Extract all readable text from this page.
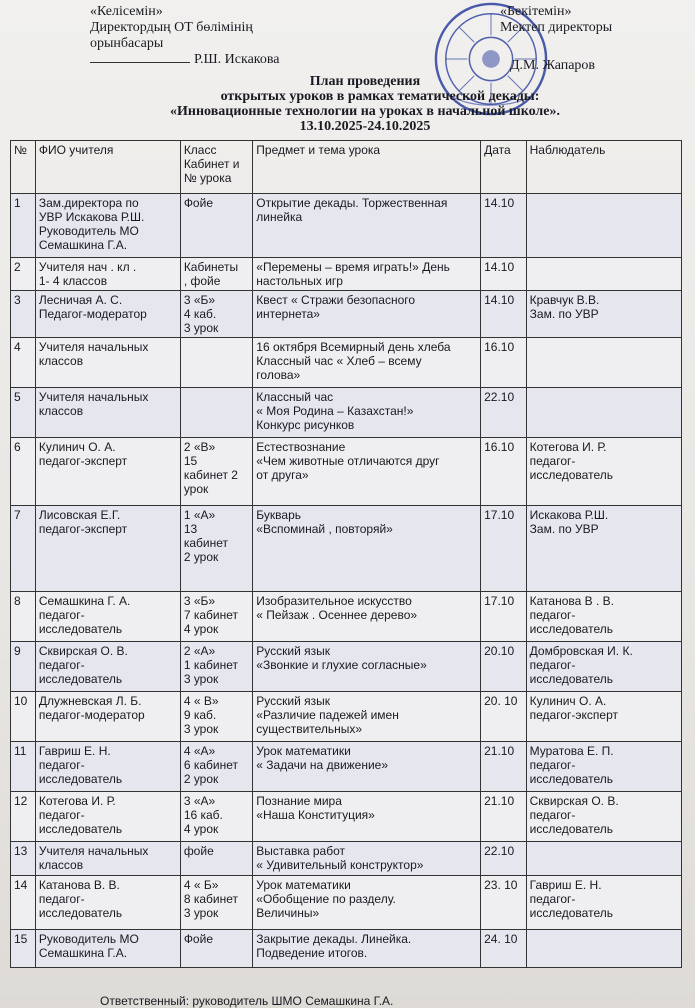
«Келісемін»
Директордың ОТ бөлімінің
орынбасары
Р.Ш. Искакова
«Бекітемін»
Мектеп директоры
Д.М. Жапаров
План проведения
открытых уроков в рамках тематической декады:
«Инновационные технологии на уроках в начальной школе».
13.10.2025-24.10.2025
№	ФИО учителя	Класс
Кабинет и
№ урока	Предмет и тема урока	Дата	Наблюдатель
1	Зам.директора по
УВР Искакова Р.Ш.
Руководитель МО
Семашкина Г.А.	Фойе	Открытие декады. Торжественная
линейка	14.10	
2	Учителя нач . кл .
1- 4 классов	Кабинеты
, фойе	«Перемены – время играть!» День
настольных игр	14.10	
3	Лесничая А. С.
Педагог-модератор	3 «Б»
4 каб.
3 урок	Квест « Стражи безопасного
интернета»	14.10	Кравчук В.В.
Зам. по УВР
4	Учителя начальных
классов		16 октября Всемирный день хлеба
Классный час « Хлеб – всему
голова»	16.10	
5	Учителя начальных
классов		Классный час
« Моя Родина – Казахстан!»
Конкурс рисунков	22.10	
6	Кулинич О. А.
педагог-эксперт	2 «В»
15
кабинет 2
урок	Естествознание
«Чем животные отличаются друг
от друга»	16.10	Котегова И. Р.
педагог-
исследователь
7	Лисовская Е.Г.
педагог-эксперт	1 «А»
13
кабинет
2 урок	Букварь
«Вспоминай , повторяй»	17.10	Искакова Р.Ш.
Зам. по УВР
8	Семашкина Г. А.
педагог-
исследователь	3 «Б»
7 кабинет
4 урок	Изобразительное искусство
« Пейзаж . Осеннее дерево»	17.10	Катанова В . В.
педагог-
исследователь
9	Сквирская О. В.
педагог-
исследователь	2 «А»
1 кабинет
3 урок	Русский язык
«Звонкие и глухие согласные»	20.10	Домбровская И. К.
педагог-
исследователь
10	Длужневская Л. Б.
педагог-модератор	4 « В»
9 каб.
3 урок	Русский язык
«Различие падежей имен
существительных»	20. 10	Кулинич О. А.
педагог-эксперт
11	Гавриш Е. Н.
педагог-
исследователь	4 «А»
6 кабинет
2 урок	Урок математики
« Задачи на движение»	21.10	Муратова Е. П.
педагог-
исследователь
12	Котегова И. Р.
педагог-
исследователь	3 «А»
16 каб.
4 урок	Познание мира
«Наша Конституция»	21.10	Сквирская О. В.
педагог-
исследователь
13	Учителя начальных
классов	фойе	Выставка работ
« Удивительный конструктор»	22.10	
14	Катанова В. В.
педагог-
исследователь	4 « Б»
8 кабинет
3 урок	Урок математики
«Обобщение по разделу.
Величины»	23. 10	Гавриш Е. Н.
педагог-
исследователь
15	Руководитель МО
Семашкина Г.А.	Фойе	Закрытие декады. Линейка.
Подведение итогов.	24. 10	
Ответственный: руководитель ШМО Семашкина Г.А.
